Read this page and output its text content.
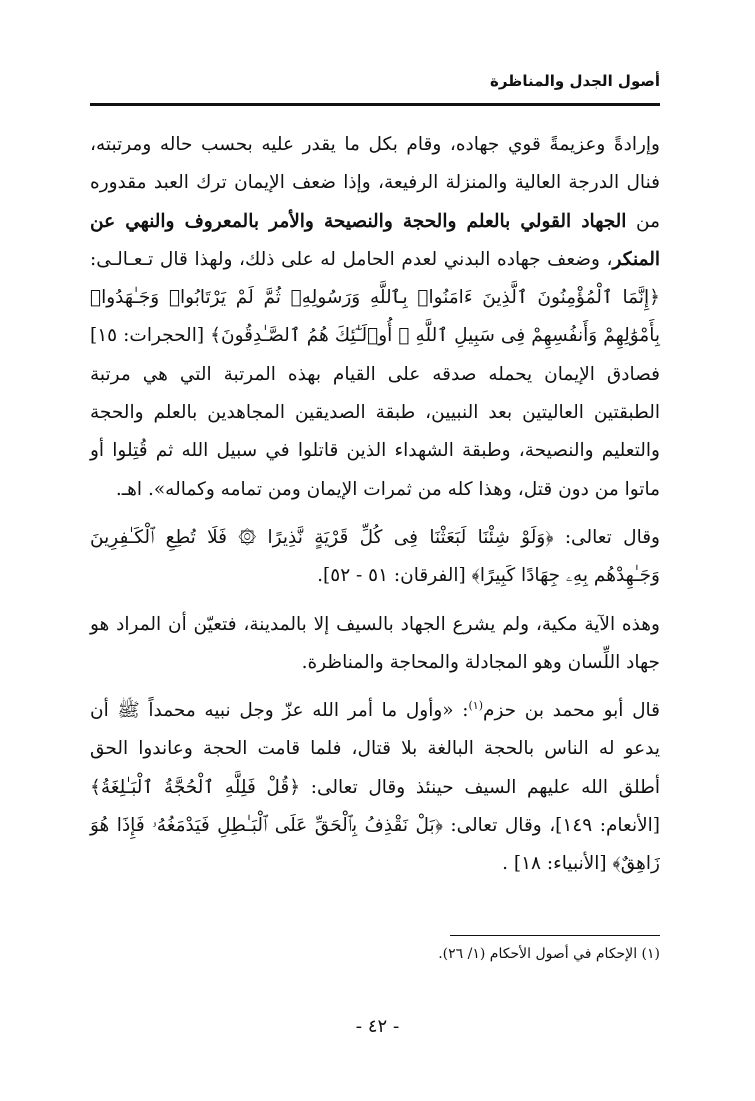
أصول الجدل والمناظرة

وإرادةً وعزيمةً قوي جهاده، وقام بكل ما يقدر عليه بحسب حاله ومرتبته، فنال الدرجة العالية والمنزلة الرفيعة، وإذا ضعف الإيمان ترك العبد مقدوره من الجهاد القولي بالعلم والحجة والنصيحة والأمر بالمعروف والنهي عن المنكر، وضعف جهاده البدني لعدم الحامل له على ذلك، ولهذا قال تـعـالـى: ﴿إِنَّمَا ٱلْمُؤْمِنُونَ ٱلَّذِينَ ءَامَنُوا۟ بِٱللَّهِ وَرَسُولِهِۦ ثُمَّ لَمْ يَرْتَابُوا۟ وَجَـٰهَدُوا۟ بِأَمْوَٰلِهِمْ وَأَنفُسِهِمْ فِى سَبِيلِ ٱللَّهِ ۚ أُو۟لَـٰٓئِكَ هُمُ ٱلصَّـٰدِقُونَ﴾ [الحجرات: ١٥] فصادق الإيمان يحمله صدقه على القيام بهذه المرتبة التي هي مرتبة الطبقتين العاليتين بعد النبيين، طبقة الصديقين المجاهدين بالعلم والحجة والتعليم والنصيحة، وطبقة الشهداء الذين قاتلوا في سبيل الله ثم قُتِلوا أو ماتوا من دون قتل، وهذا كله من ثمرات الإيمان ومن تمامه وكماله». اهـ.

وقال تعالى: ﴿وَلَوْ شِئْنَا لَبَعَثْنَا فِى كُلِّ قَرْيَةٍ نَّذِيرًا ۞ فَلَا تُطِعِ ٱلْكَـٰفِرِينَ وَجَـٰهِدْهُم بِهِۦ جِهَادًا كَبِيرًا﴾ [الفرقان: ٥١ - ٥٢].

وهذه الآية مكية، ولم يشرع الجهاد بالسيف إلا بالمدينة، فتعيّن أن المراد هو جهاد اللِّسان وهو المجادلة والمحاجة والمناظرة.

قال أبو محمد بن حزم$^{(١)}$: «وأول ما أمر الله عزّ وجل نبيه محمداً ﷺ أن يدعو له الناس بالحجة البالغة بلا قتال، فلما قامت الحجة وعاندوا الحق أطلق الله عليهم السيف حينئذ وقال تعالى: ﴿قُلْ فَلِلَّهِ ٱلْحُجَّةُ ٱلْبَـٰلِغَةُ﴾ [الأنعام: ١٤٩]، وقال تعالى: ﴿بَلْ نَقْذِفُ بِٱلْحَقِّ عَلَى ٱلْبَـٰطِلِ فَيَدْمَغُهُۥ فَإِذَا هُوَ زَاهِقٌ﴾ [الأنبياء: ١٨] .

(١) الإحكام في أصول الأحكام (١/ ٢٦).
- ٤٢ -
